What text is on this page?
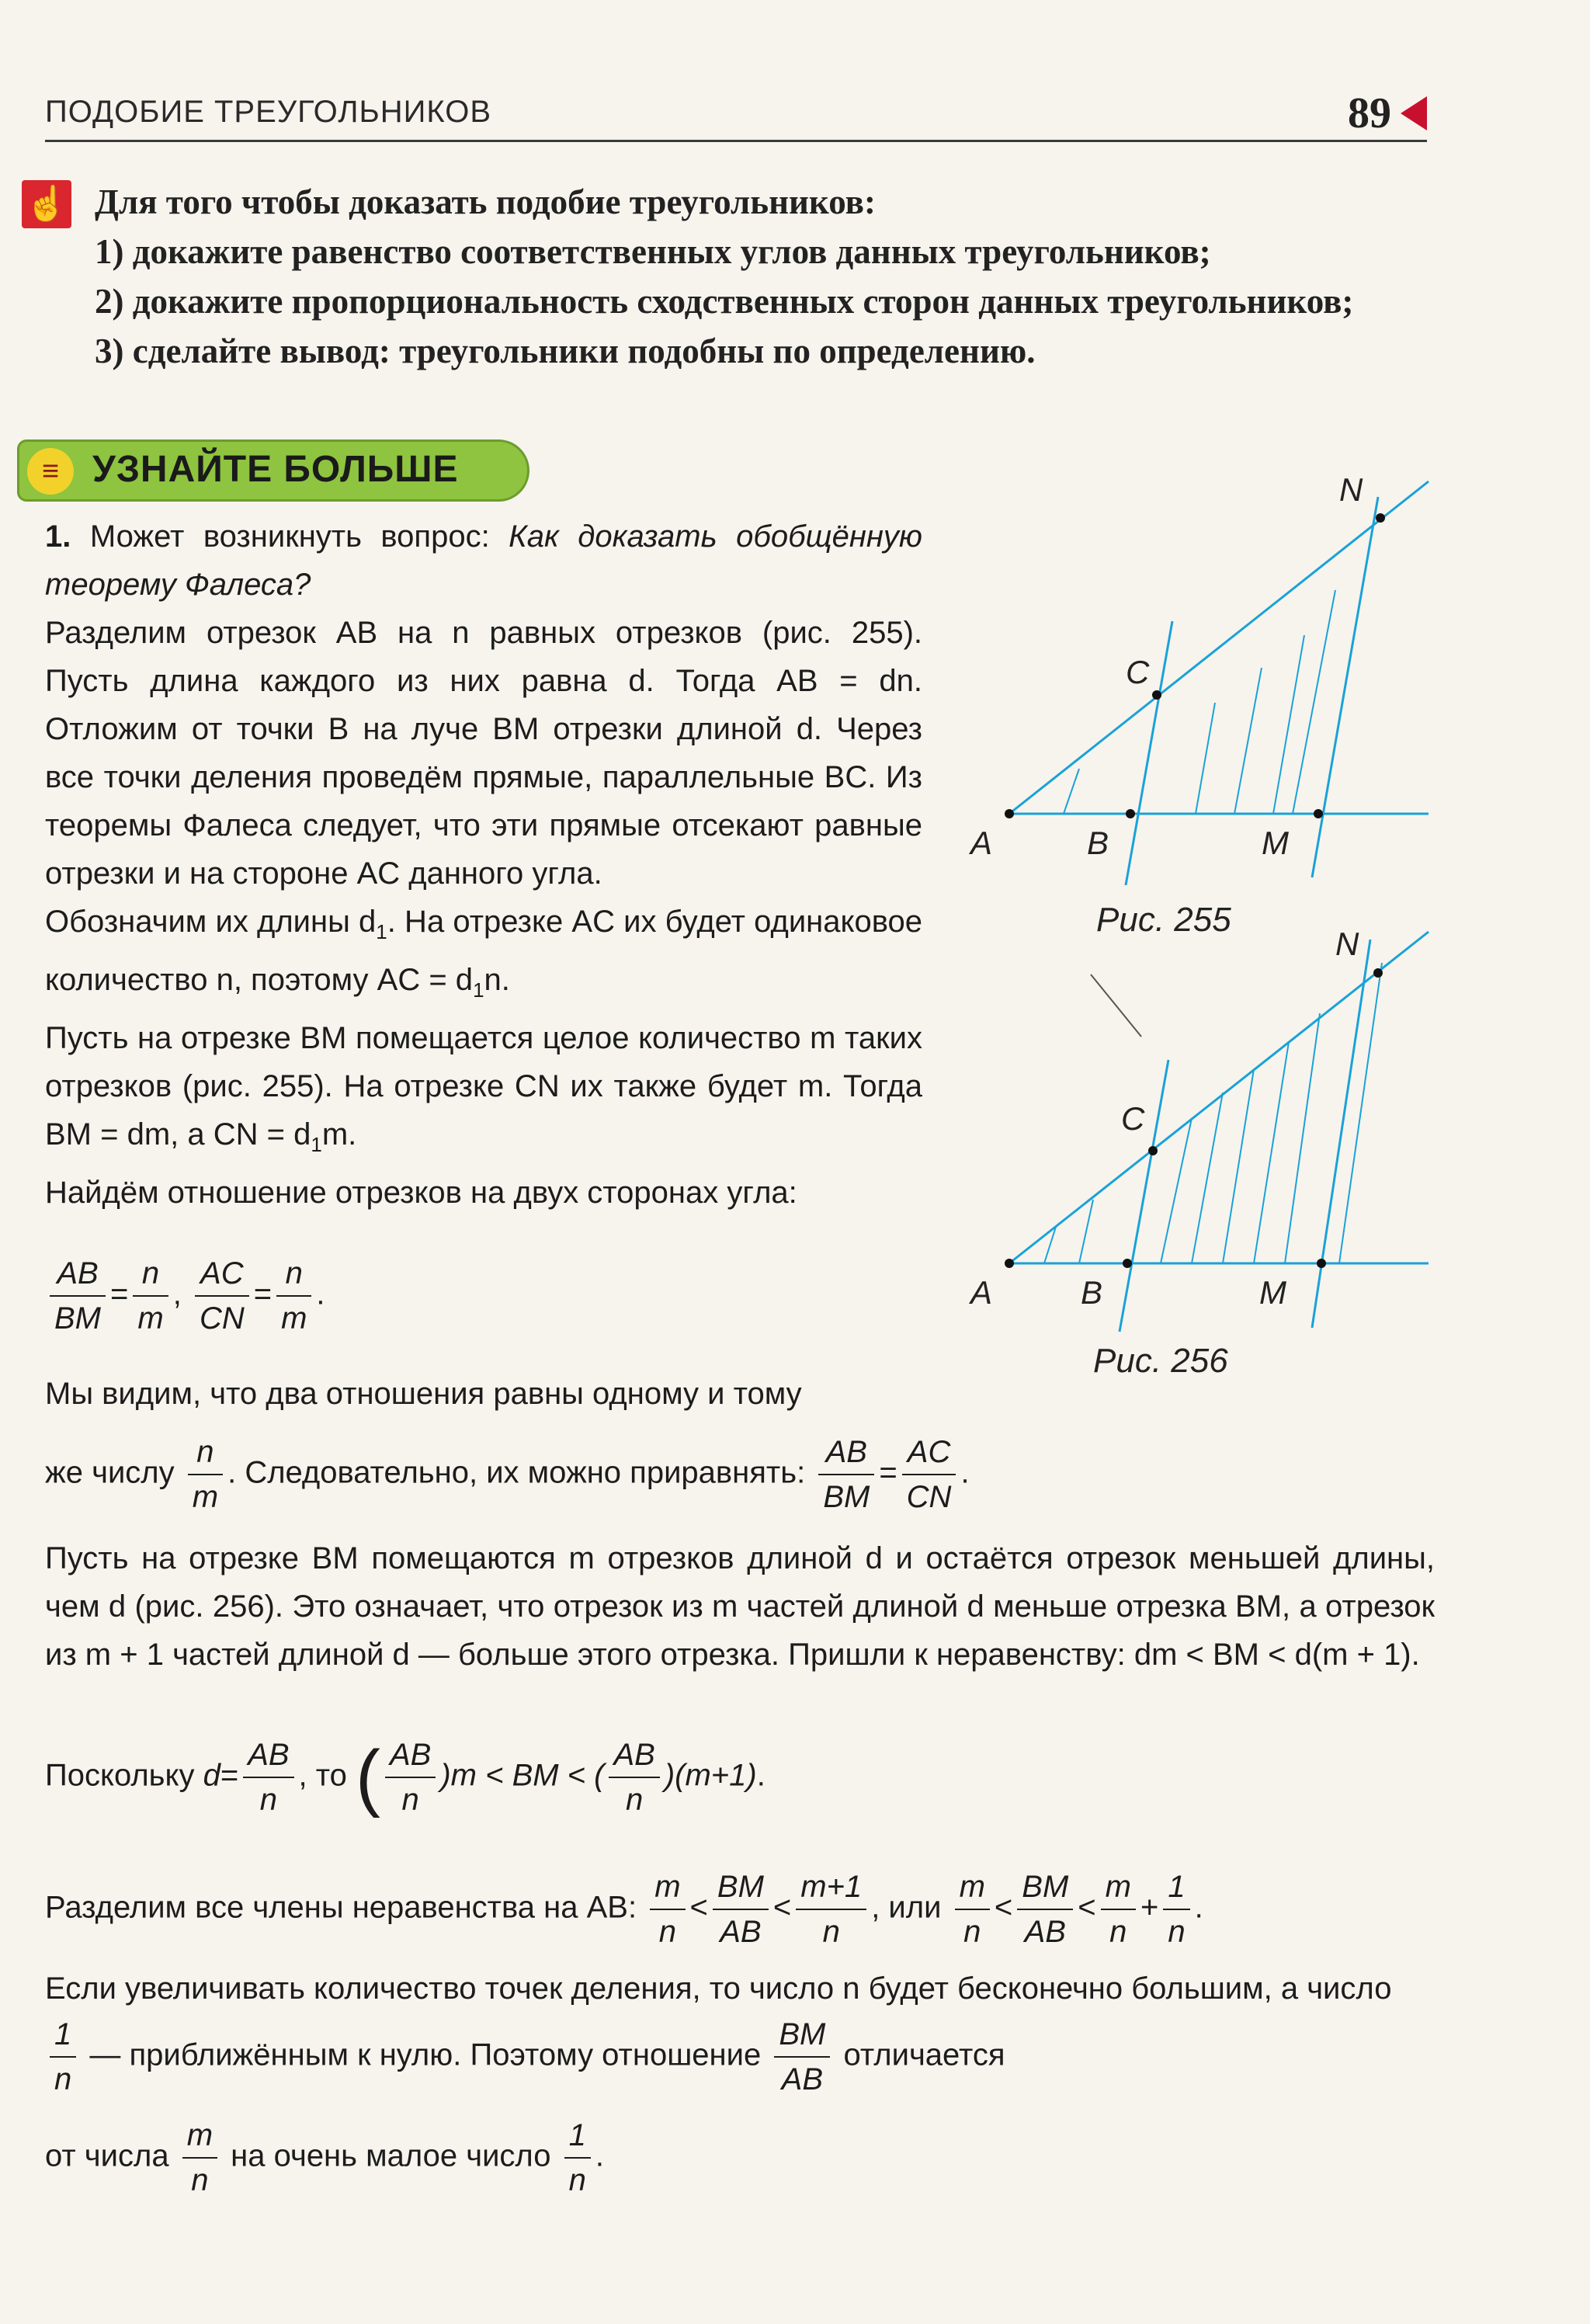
ПОДОБИЕ ТРЕУГОЛЬНИКОВ	89
☝ Для того чтобы доказать подобие треугольников:

1) докажите равенство соответственных углов данных треугольников;

2) докажите пропорциональность сходственных сторон данных треугольников;

3) сделайте вывод: треугольники подобны по определению.

≡ УЗНАЙТЕ БОЛЬШЕ

1. Может возникнуть вопрос: Как доказать обобщённую теорему Фалеса?

Разделим отрезок AB на n равных отрезков (рис. 255). Пусть длина каждого из них равна d. Тогда AB = dn. Отложим от точки B на луче BM отрезки длиной d. Через все точки деления проведём прямые, параллельные BC. Из теоремы Фалеса следует, что эти прямые отсекают равные отрезки и на стороне AC данного угла.

Обозначим их длины $d_1$. На отрезке AC их будет одинаковое количество n, поэтому AC = $d_1n$.

Пусть на отрезке BM помещается целое количество m таких отрезков (рис. 255). На отрезке CN их также будет m. Тогда BM = dm, а CN = $d_1m$.

Найдём отношение отрезков на двух сторонах угла:

$\frac{AB}{BM} = \frac{n}{m}$ , $\frac{AC}{CN} = \frac{n}{m}$ .

Мы видим, что два отношения равны одному и тому

же числу $\frac{n}{m}$ . Следовательно, их можно приравнять: $\frac{AB}{BM} = \frac{AC}{CN}$ .

Пусть на отрезке BM помещаются m отрезков длиной d и остаётся отрезок меньшей длины, чем d (рис. 256). Это означает, что отрезок из m частей длиной d меньше отрезка BM, а отрезок из m + 1 частей длиной d — больше этого отрезка. Пришли к неравенству: dm < BM < d(m + 1).

Поскольку $d= \frac{AB}{n}$ , то ( $\frac{AB}{n} )m$ < BM < ( $\frac{AB}{n} )(m+1)$.
Разделим все члены неравенства на AB: $\frac{m}{n} < \frac{BM}{AB} < \frac{m+1}{n}$ , или $\frac{m}{n} < \frac{BM}{AB} < \frac{m}{n} + \frac{1}{n}$ .

Если увеличивать количество точек деления, то число n будет бесконечно большим, а число

$\frac{1}{n}$ — приближённым к нулю. Поэтому отношение $\frac{BM}{AB}$ отличается
от числа $\frac{m}{n}$ на очень малое число $\frac{1}{n}$ .
A	B	M
C
N
Рис. 255
A	B	M
C
N
Рис. 256
